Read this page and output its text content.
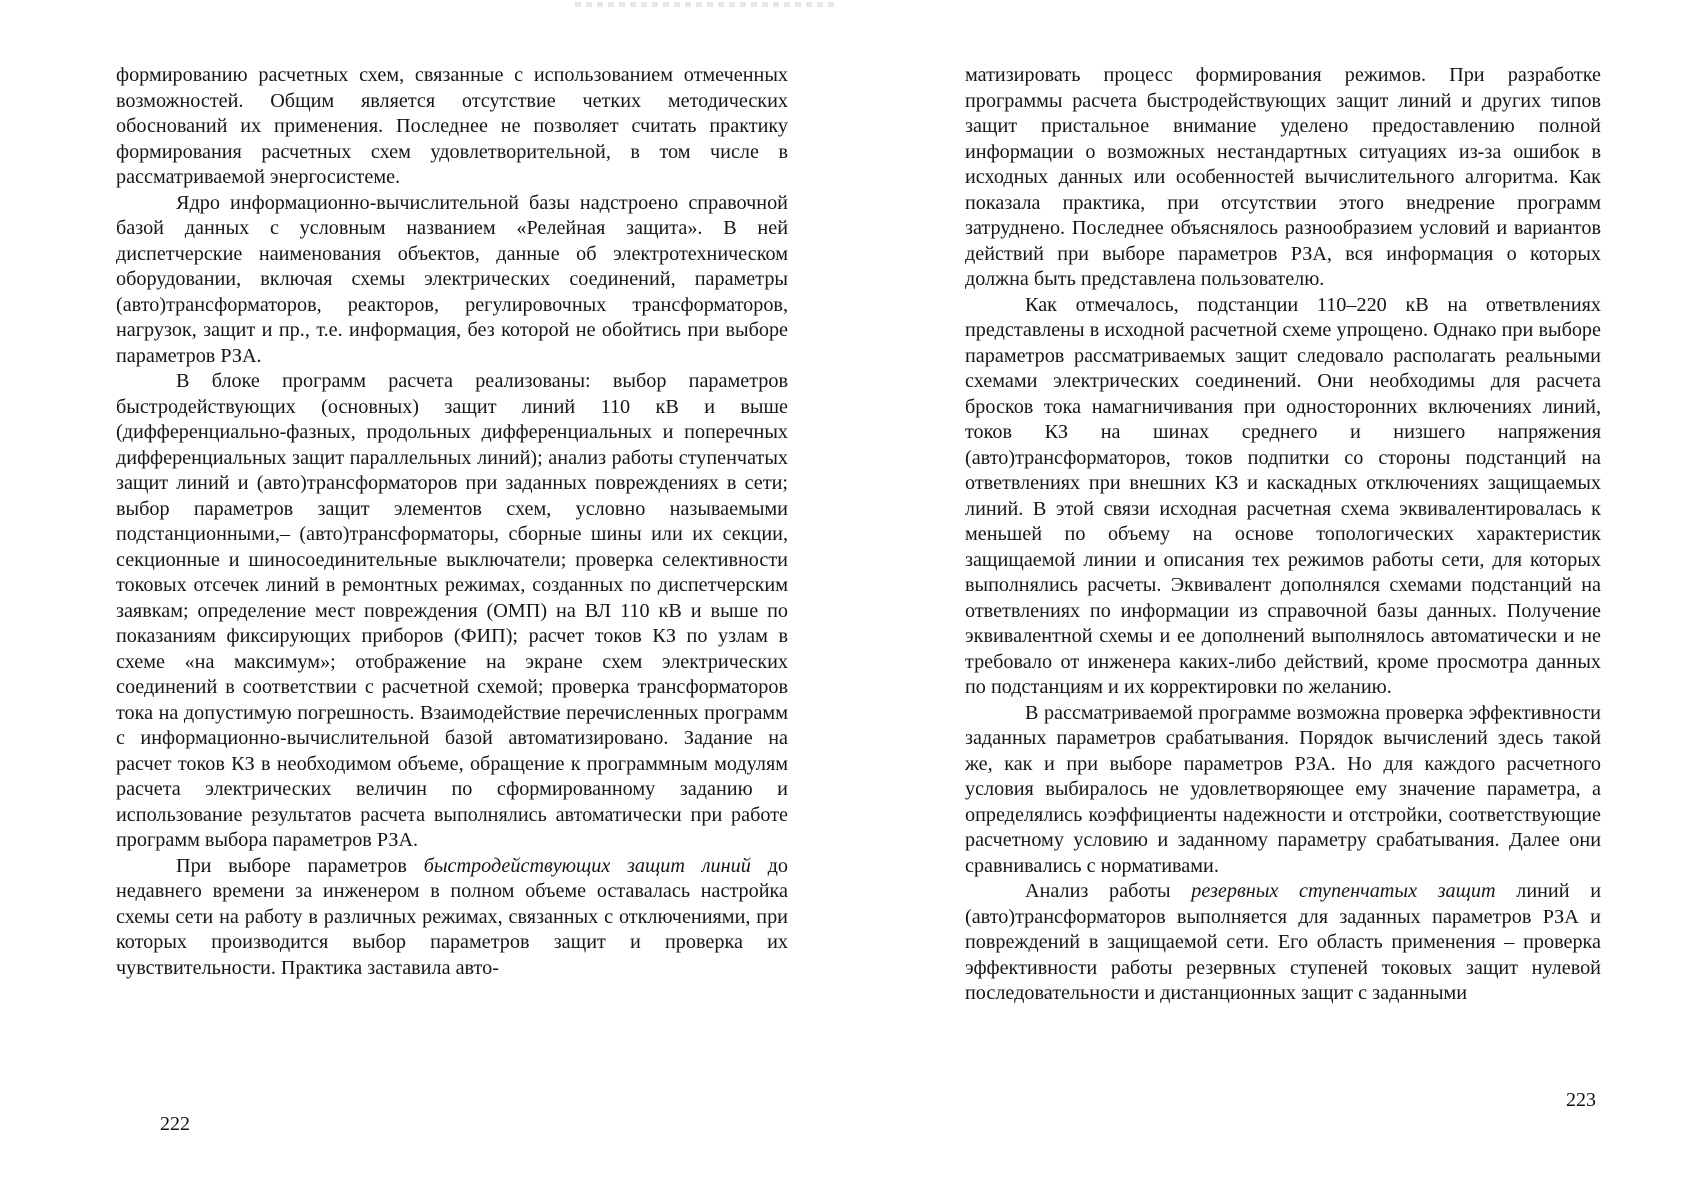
формированию расчетных схем, связанные с использованием отмеченных возможностей. Общим является отсутствие четких методических обоснований их применения. Последнее не позволяет считать практику формирования расчетных схем удовлетворительной, в том числе в рассматриваемой энергосистеме.

Ядро информационно-вычислительной базы надстроено справочной базой данных с условным названием «Релейная защита». В ней диспетчерские наименования объектов, данные об электротехническом оборудовании, включая схемы электрических соединений, параметры (авто)трансформаторов, реакторов, регулировочных трансформаторов, нагрузок, защит и пр., т.е. информация, без которой не обойтись при выборе параметров РЗА.

В блоке программ расчета реализованы: выбор параметров быстродействующих (основных) защит линий 110 кВ и выше (дифференциально-фазных, продольных дифференциальных и поперечных дифференциальных защит параллельных линий); анализ работы ступенчатых защит линий и (авто)трансформаторов при заданных повреждениях в сети; выбор параметров защит элементов схем, условно называемыми подстанционными,– (авто)трансформаторы, сборные шины или их секции, секционные и шиносоединительные выключатели; проверка селективности токовых отсечек линий в ремонтных режимах, созданных по диспетчерским заявкам; определение мест повреждения (ОМП) на ВЛ 110 кВ и выше по показаниям фиксирующих приборов (ФИП); расчет токов КЗ по узлам в схеме «на максимум»; отображение на экране схем электрических соединений в соответствии с расчетной схемой; проверка трансформаторов тока на допустимую погрешность. Взаимодействие перечисленных программ с информационно-вычислительной базой автоматизировано. Задание на расчет токов КЗ в необходимом объеме, обращение к программным модулям расчета электрических величин по сформированному заданию и использование результатов расчета выполнялись автоматически при работе программ выбора параметров РЗА.

При выборе параметров быстродействующих защит линий до недавнего времени за инженером в полном объеме оставалась настройка схемы сети на работу в различных режимах, связанных с отключениями, при которых производится выбор параметров защит и проверка их чувствительности. Практика заставила авто-

222

матизировать процесс формирования режимов. При разработке программы расчета быстродействующих защит линий и других типов защит пристальное внимание уделено предоставлению полной информации о возможных нестандартных ситуациях из-за ошибок в исходных данных или особенностей вычислительного алгоритма. Как показала практика, при отсутствии этого внедрение программ затруднено. Последнее объяснялось разнообразием условий и вариантов действий при выборе параметров РЗА, вся информация о которых должна быть представлена пользователю.

Как отмечалось, подстанции 110–220 кВ на ответвлениях представлены в исходной расчетной схеме упрощено. Однако при выборе параметров рассматриваемых защит следовало располагать реальными схемами электрических соединений. Они необходимы для расчета бросков тока намагничивания при односторонних включениях линий, токов КЗ на шинах среднего и низшего напряжения (авто)трансформаторов, токов подпитки со стороны подстанций на ответвлениях при внешних КЗ и каскадных отключениях защищаемых линий. В этой связи исходная расчетная схема эквивалентировалась к меньшей по объему на основе топологических характеристик защищаемой линии и описания тех режимов работы сети, для которых выполнялись расчеты. Эквивалент дополнялся схемами подстанций на ответвлениях по информации из справочной базы данных. Получение эквивалентной схемы и ее дополнений выполнялось автоматически и не требовало от инженера каких-либо действий, кроме просмотра данных по подстанциям и их корректировки по желанию.

В рассматриваемой программе возможна проверка эффективности заданных параметров срабатывания. Порядок вычислений здесь такой же, как и при выборе параметров РЗА. Но для каждого расчетного условия выбиралось не удовлетворяющее ему значение параметра, а определялись коэффициенты надежности и отстройки, соответствующие расчетному условию и заданному параметру срабатывания. Далее они сравнивались с нормативами.

Анализ работы резервных ступенчатых защит линий и (авто)трансформаторов выполняется для заданных параметров РЗА и повреждений в защищаемой сети. Его область применения – проверка эффективности работы резервных ступеней токовых защит нулевой последовательности и дистанционных защит с заданными

223
